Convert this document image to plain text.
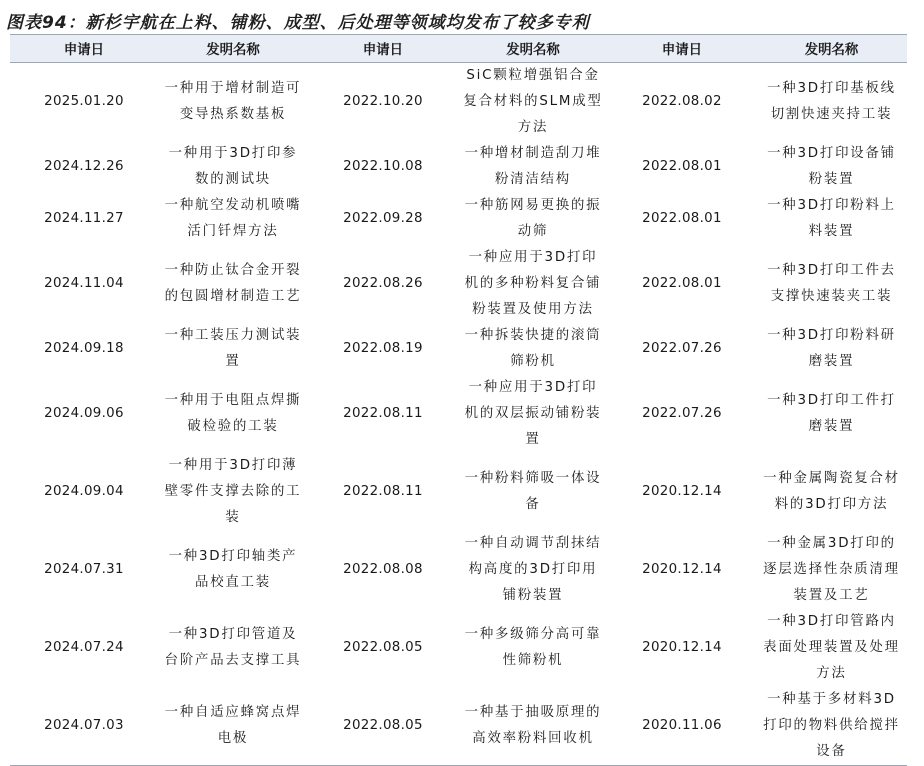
图表94：新杉宇航在上料、铺粉、成型、后处理等领域均发布了较多专利
申请日	发明名称	申请日	发明名称	申请日	发明名称
2025.01.20	一种用于增材制造可变导热系数基板	2022.10.20	SiC颗粒增强铝合金复合材料的SLM成型方法	2022.08.02	一种3D打印基板线切割快速夹持工装
2024.12.26	一种用于3D打印参数的测试块	2022.10.08	一种增材制造刮刀堆粉清洁结构	2022.08.01	一种3D打印设备铺粉装置
2024.11.27	一种航空发动机喷嘴活门钎焊方法	2022.09.28	一种筋网易更换的振动筛	2022.08.01	一种3D打印粉料上料装置
2024.11.04	一种防止钛合金开裂的包圆增材制造工艺	2022.08.26	一种应用于3D打印机的多种粉料复合铺粉装置及使用方法	2022.08.01	一种3D打印工件去支撑快速装夹工装
2024.09.18	一种工装压力测试装置	2022.08.19	一种拆装快捷的滚筒筛粉机	2022.07.26	一种3D打印粉料研磨装置
2024.09.06	一种用于电阻点焊撕破检验的工装	2022.08.11	一种应用于3D打印机的双层振动铺粉装置	2022.07.26	一种3D打印工件打磨装置
2024.09.04	一种用于3D打印薄壁零件支撑去除的工装	2022.08.11	一种粉料筛吸一体设备	2020.12.14	一种金属陶瓷复合材料的3D打印方法
2024.07.31	一种3D打印轴类产品校直工装	2022.08.08	一种自动调节刮抹结构高度的3D打印用铺粉装置	2020.12.14	一种金属3D打印的逐层选择性杂质清理装置及工艺
2024.07.24	一种3D打印管道及台阶产品去支撑工具	2022.08.05	一种多级筛分高可靠性筛粉机	2020.12.14	一种3D打印管路内表面处理装置及处理方法
2024.07.03	一种自适应蜂窝点焊电极	2022.08.05	一种基于抽吸原理的高效率粉料回收机	2020.11.06	一种基于多材料3D打印的物料供给搅拌设备
